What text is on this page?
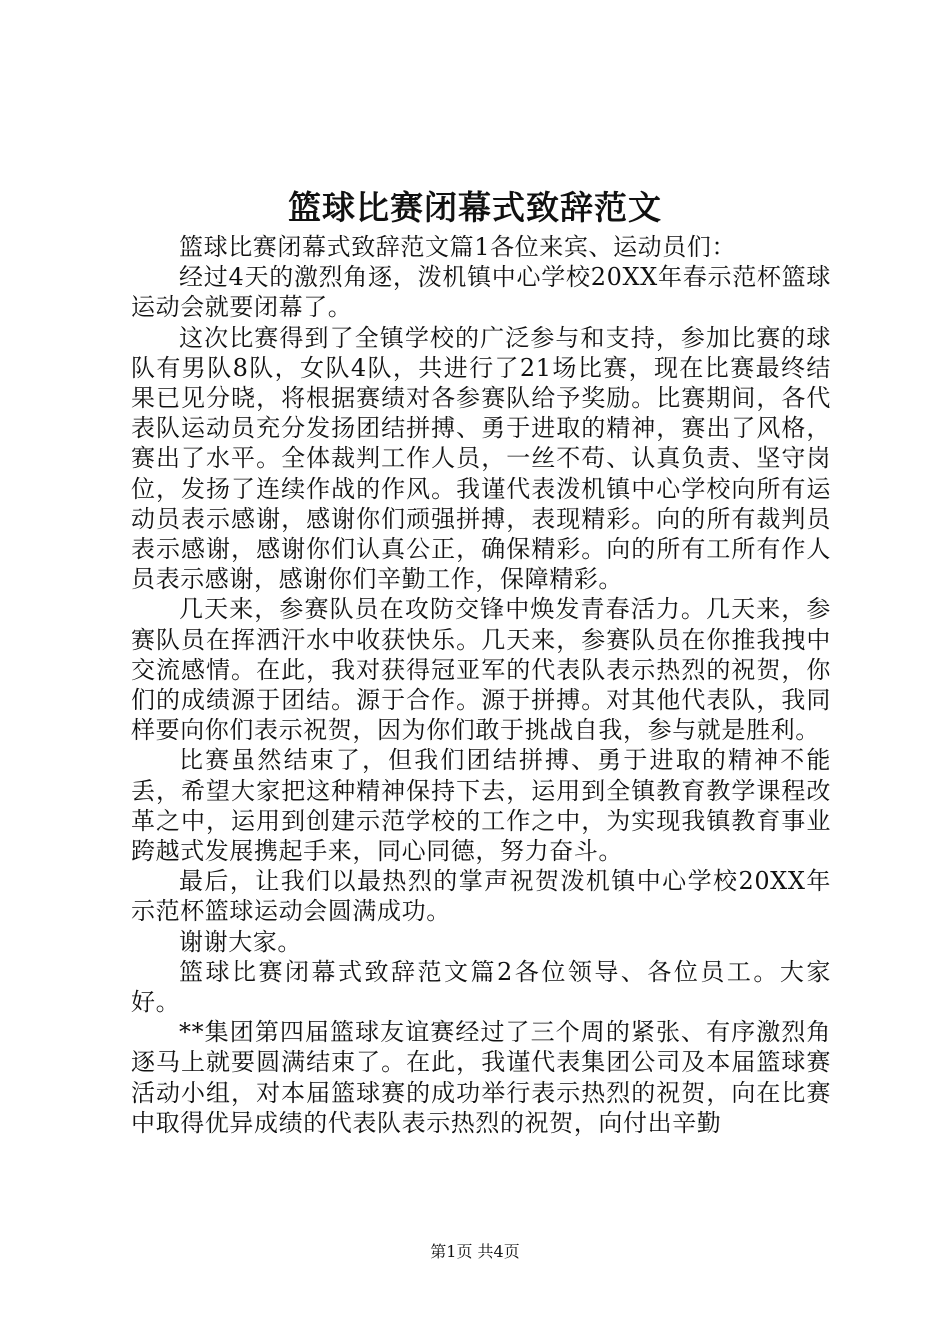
篮球比赛闭幕式致辞范文

篮球比赛闭幕式致辞范文篇1各位来宾、运动员们：

经过4天的激烈角逐，泼机镇中心学校20XX年春示范杯篮球运动会就要闭幕了。

这次比赛得到了全镇学校的广泛参与和支持，参加比赛的球队有男队8队，女队4队，共进行了21场比赛，现在比赛最终结果已见分晓，将根据赛绩对各参赛队给予奖励。比赛期间，各代表队运动员充分发扬团结拼搏、勇于进取的精神，赛出了风格，赛出了水平。全体裁判工作人员，一丝不苟、认真负责、坚守岗位，发扬了连续作战的作风。我谨代表泼机镇中心学校向所有运动员表示感谢，感谢你们顽强拼搏，表现精彩。向的所有裁判员表示感谢，感谢你们认真公正，确保精彩。向的所有工所有作人员表示感谢，感谢你们辛勤工作，保障精彩。

几天来，参赛队员在攻防交锋中焕发青春活力。几天来，参赛队员在挥洒汗水中收获快乐。几天来，参赛队员在你推我拽中交流感情。在此，我对获得冠亚军的代表队表示热烈的祝贺，你们的成绩源于团结。源于合作。源于拼搏。对其他代表队，我同样要向你们表示祝贺，因为你们敢于挑战自我，参与就是胜利。

比赛虽然结束了，但我们团结拼搏、勇于进取的精神不能丢，希望大家把这种精神保持下去，运用到全镇教育教学课程改革之中，运用到创建示范学校的工作之中，为实现我镇教育事业跨越式发展携起手来，同心同德，努力奋斗。

最后，让我们以最热烈的掌声祝贺泼机镇中心学校20XX年示范杯篮球运动会圆满成功。

谢谢大家。

篮球比赛闭幕式致辞范文篇2各位领导、各位员工。大家好。

**集团第四届篮球友谊赛经过了三个周的紧张、有序激烈角逐马上就要圆满结束了。在此，我谨代表集团公司及本届篮球赛活动小组，对本届篮球赛的成功举行表示热烈的祝贺，向在比赛中取得优异成绩的代表队表示热烈的祝贺，向付出辛勤

第1页 共4页
